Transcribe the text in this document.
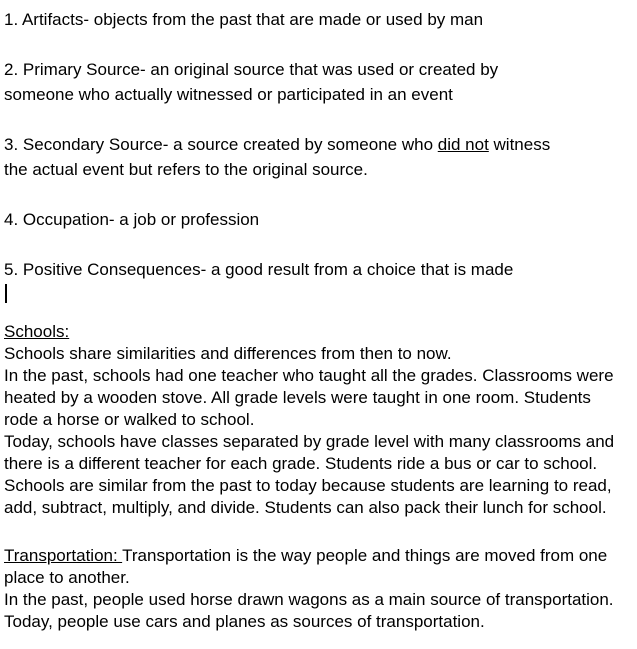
1. Artifacts- objects from the past that are made or used by man
2. Primary Source- an original source that was used or created by
someone who actually witnessed or participated in an event
3. Secondary Source- a source created by someone who did not witness
the actual event but refers to the original source.
4. Occupation- a job or profession
5. Positive Consequences- a good result from a choice that is made
Schools:
Schools share similarities and differences from then to now.
In the past, schools had one teacher who taught all the grades. Classrooms were
heated by a wooden stove. All grade levels were taught in one room. Students
rode a horse or walked to school.
Today, schools have classes separated by grade level with many classrooms and
there is a different teacher for each grade. Students ride a bus or car to school.
Schools are similar from the past to today because students are learning to read,
add, subtract, multiply, and divide. Students can also pack their lunch for school.
Transportation: Transportation is the way people and things are moved from one
place to another.
In the past, people used horse drawn wagons as a main source of transportation.
Today, people use cars and planes as sources of transportation.
